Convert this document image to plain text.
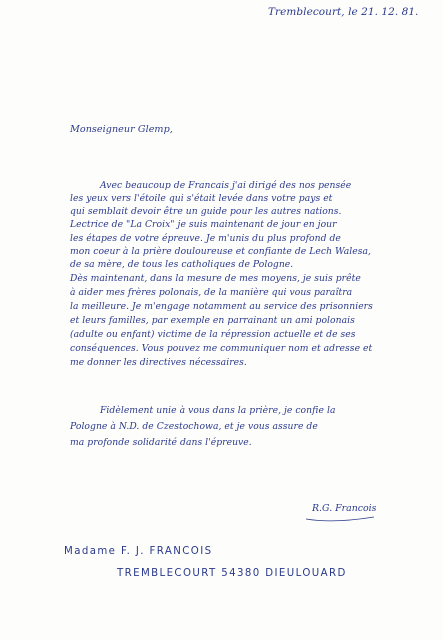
Tremblecourt, le 21. 12. 81.
Monseigneur Glemp,
Avec beaucoup de Francais j'ai dirigé des nos pensée
les yeux vers l'étoile qui s'était levée dans votre pays et
qui semblait devoir être un guide pour les autres nations.
Lectrice de "La Croix" je suis maintenant de jour en jour
les étapes de votre épreuve. Je m'unis du plus profond de
mon coeur à la prière douloureuse et confiante de Lech Walesa,
de sa mère, de tous les catholiques de Pologne.
Dès maintenant, dans la mesure de mes moyens, je suis prête
à aider mes frères polonais, de la manière qui vous paraîtra
la meilleure. Je m'engage notamment au service des prisonniers
et leurs familles, par exemple en parrainant un ami polonais
(adulte ou enfant) victime de la répression actuelle et de ses
conséquences. Vous pouvez me communiquer nom et adresse et
me donner les directives nécessaires.
Fidèlement unie à vous dans la prière, je confie la
Pologne à N.D. de Czestochowa, et je vous assure de
ma profonde solidarité dans l'épreuve.
R.G. Francois
Madame F. J. FRANCOIS
TREMBLECOURT 54380 DIEULOUARD
